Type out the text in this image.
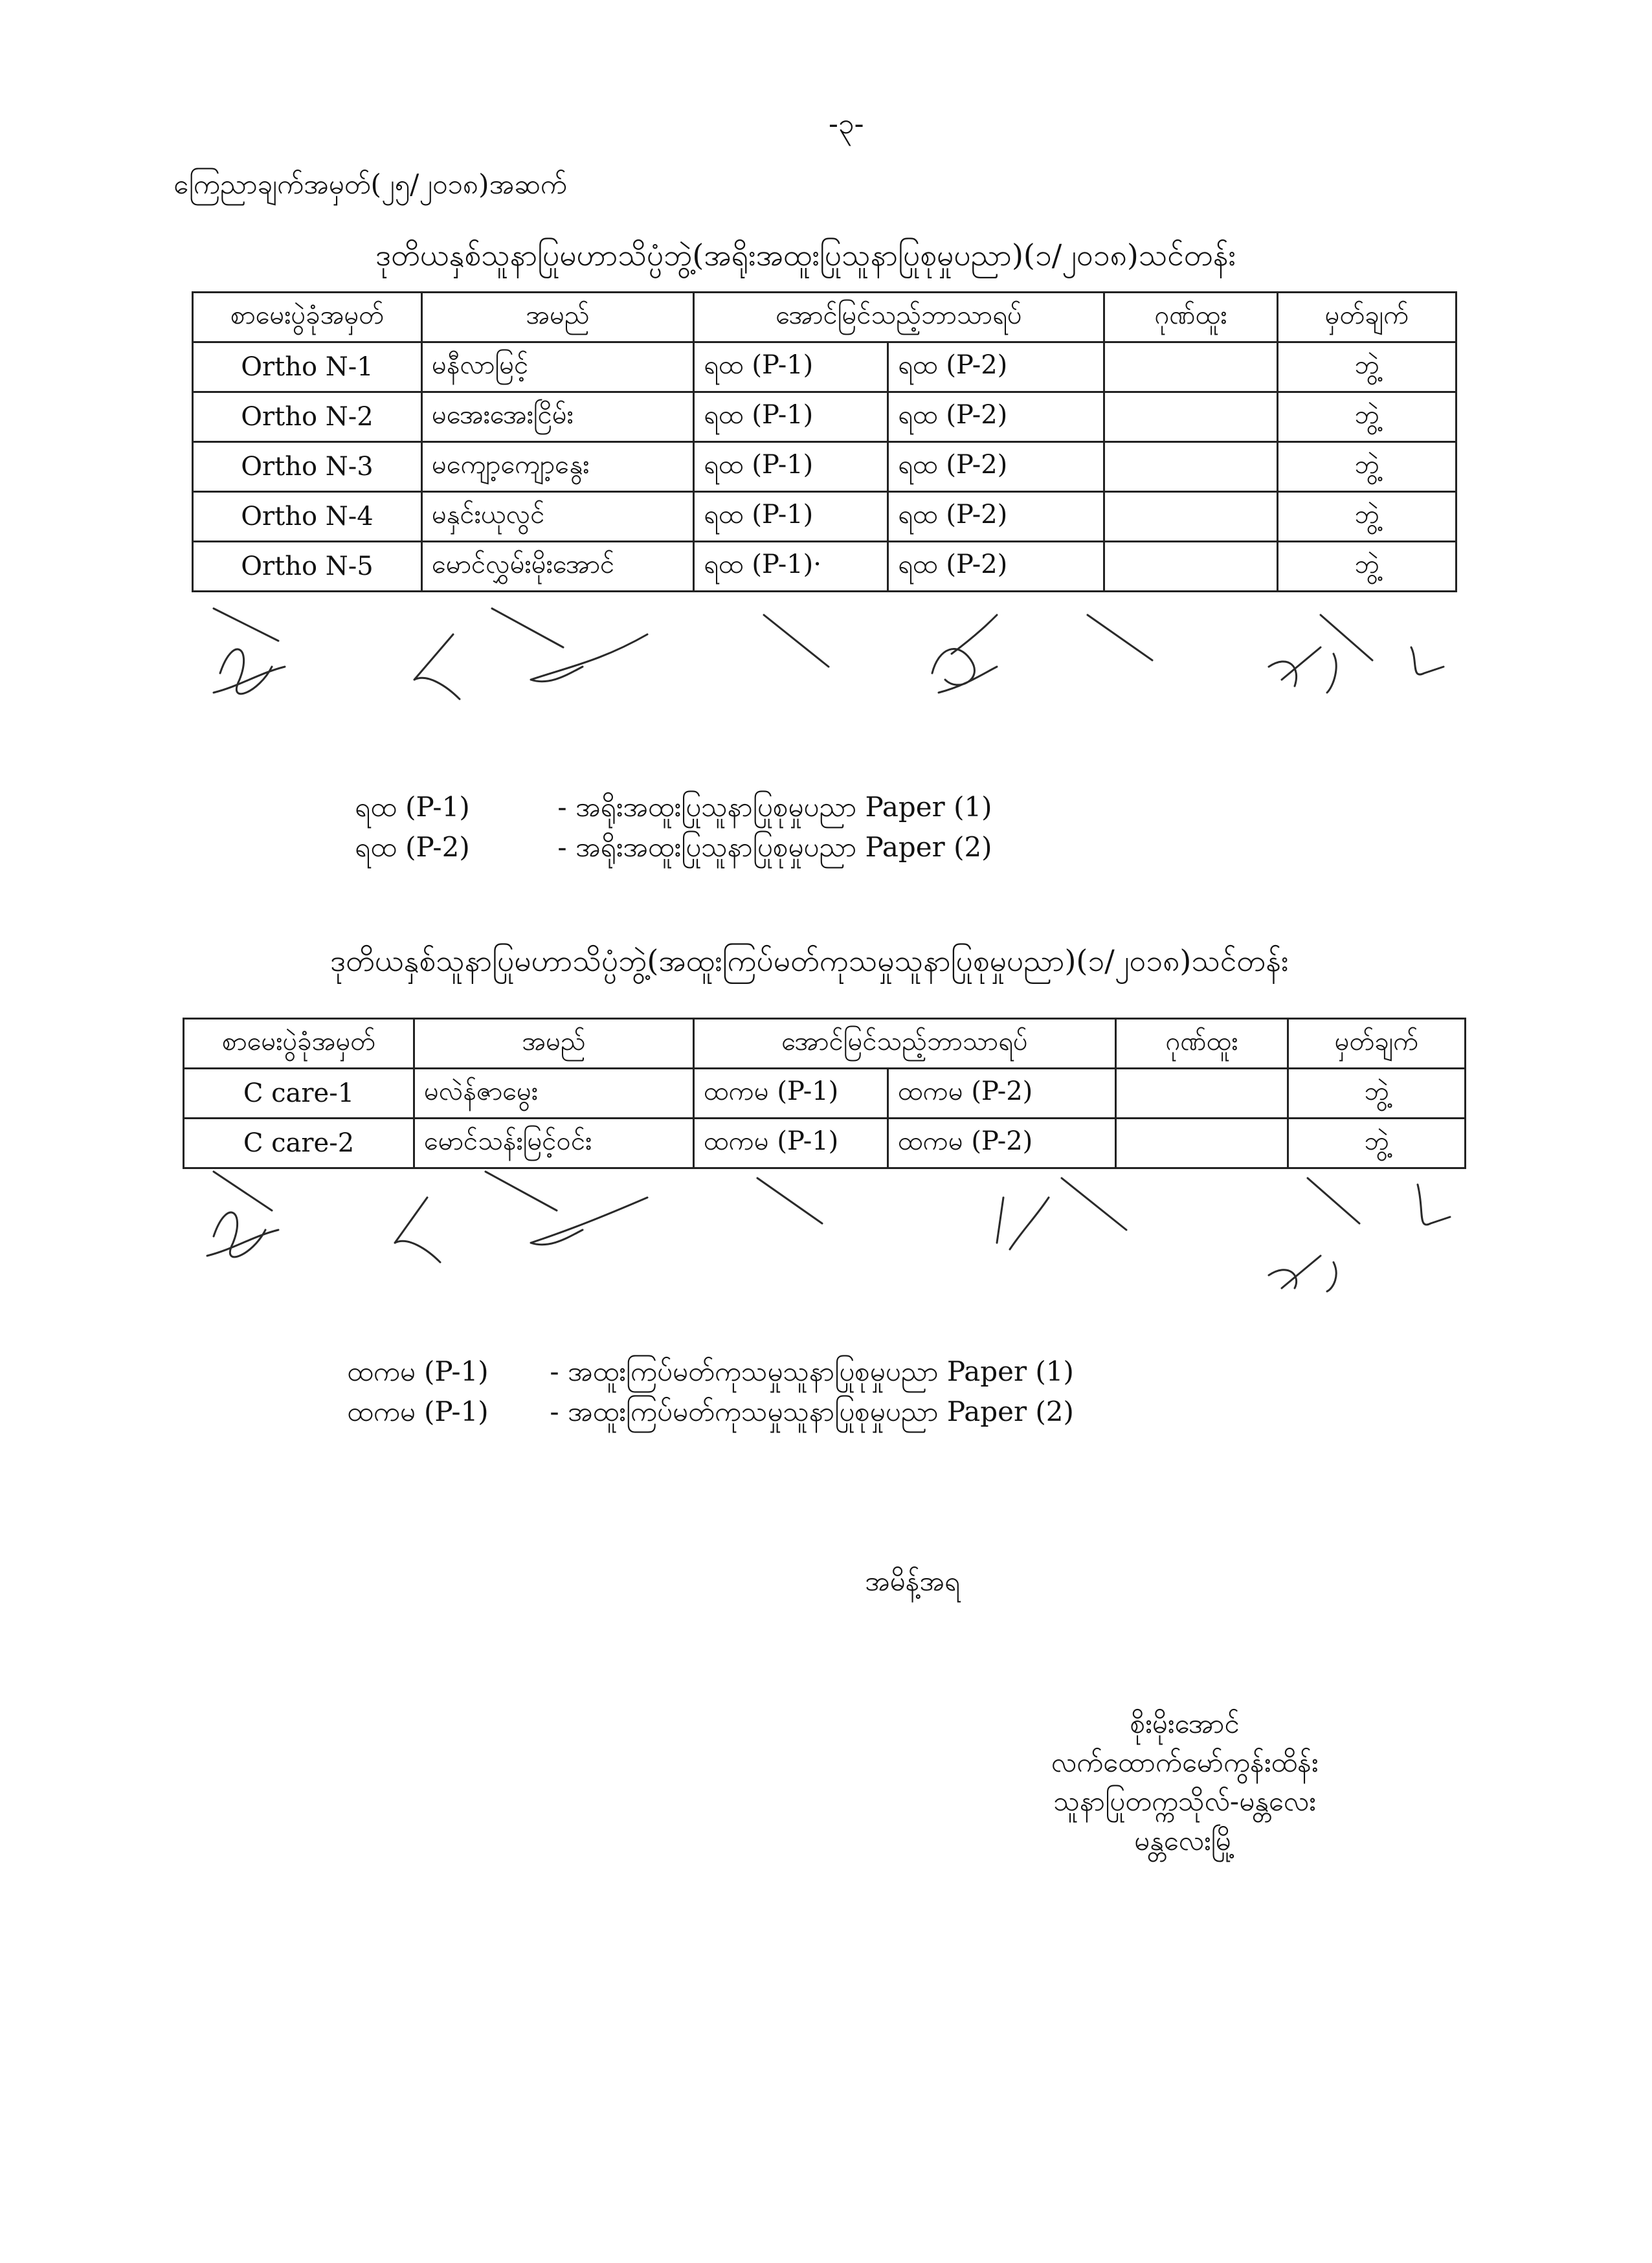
-၃-
ကြေညာချက်အမှတ်(၂၅/၂၀၁၈)အဆက်
ဒုတိယနှစ်သူနာပြုမဟာသိပ္ပံဘွဲ့(အရိုးအထူးပြုသူနာပြုစုမှုပညာ)(၁/၂၀၁၈)သင်တန်း
စာမေးပွဲခုံအမှတ်	အမည်	အောင်မြင်သည့်ဘာသာရပ်		ဂုဏ်ထူး	မှတ်ချက်
Ortho N-1	မနီလာမြင့်	ရထ (P-1)	ရထ (P-2)		ဘွဲ့
Ortho N-2	မအေးအေးငြိမ်း	ရထ (P-1)	ရထ (P-2)		ဘွဲ့
Ortho N-3	မကျော့ကျော့နွေး	ရထ (P-1)	ရထ (P-2)		ဘွဲ့
Ortho N-4	မနှင်းယုလွင်	ရထ (P-1)	ရထ (P-2)		ဘွဲ့
Ortho N-5	မောင်လွှမ်းမိုးအောင်	ရထ (P-1)·	ရထ (P-2)		ဘွဲ့
ရထ (P-1)	- အရိုးအထူးပြုသူနာပြုစုမှုပညာ Paper (1)
ရထ (P-2)	- အရိုးအထူးပြုသူနာပြုစုမှုပညာ Paper (2)
ဒုတိယနှစ်သူနာပြုမဟာသိပ္ပံဘွဲ့(အထူးကြပ်မတ်ကုသမှုသူနာပြုစုမှုပညာ)(၁/၂၀၁၈)သင်တန်း
စာမေးပွဲခုံအမှတ်	အမည်	အောင်မြင်သည့်ဘာသာရပ်		ဂုဏ်ထူး	မှတ်ချက်
C care-1	မလဲန်ဇာမွေး	ထကမ (P-1)	ထကမ (P-2)		ဘွဲ့
C care-2	မောင်သန်းမြင့်ဝင်း	ထကမ (P-1)	ထကမ (P-2)		ဘွဲ့
ထကမ (P-1) - အထူးကြပ်မတ်ကုသမှုသူနာပြုစုမှုပညာ Paper (1)
ထကမ (P-1) - အထူးကြပ်မတ်ကုသမှုသူနာပြုစုမှုပညာ Paper (2)
အမိန့်အရ
စိုးမိုးအောင်
လက်ထောက်မော်ကွန်းထိန်း
သူနာပြုတက္ကသိုလ်-မန္တလေး
မန္တလေးမြို့
